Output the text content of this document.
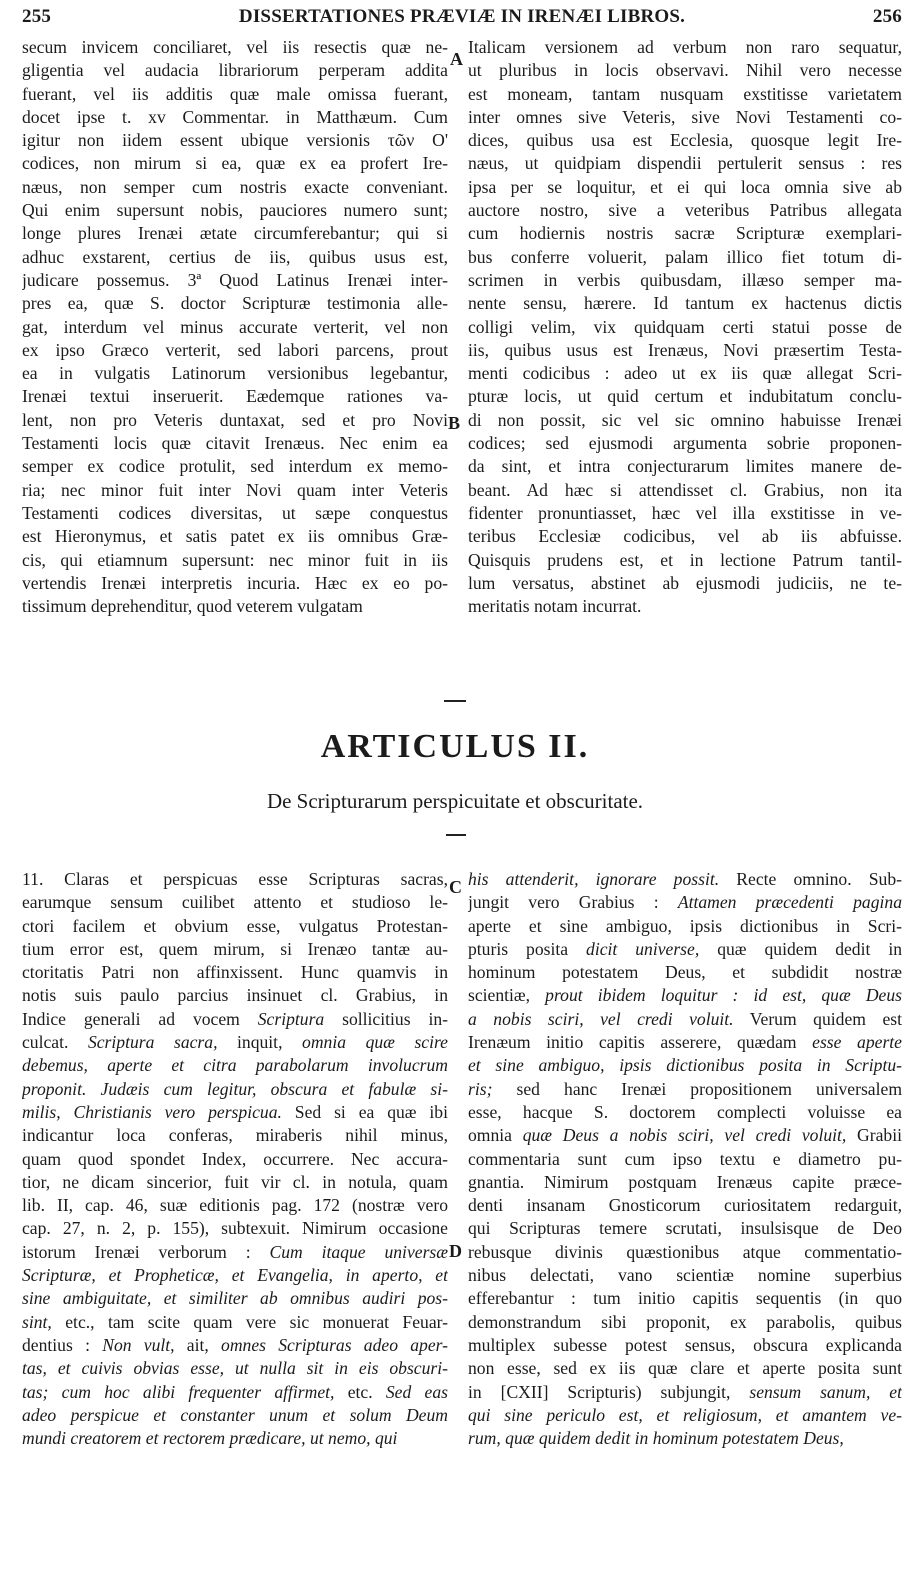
255	DISSERTATIONES PRÆVIÆ IN IRENÆI LIBROS.	256
secum invicem conciliaret, vel iis resectis quæ ne-
gligentia vel audacia librariorum perperam addita
fuerant, vel iis additis quæ male omissa fuerant,
docet ipse t. xv Commentar. in Matthæum. Cum
igitur non iidem essent ubique versionis τῶν O'
codices, non mirum si ea, quæ ex ea profert Ire-
næus, non semper cum nostris exacte conveniant.
Qui enim supersunt nobis, pauciores numero sunt;
longe plures Irenæi ætate circumferebantur; qui si
adhuc exstarent, certius de iis, quibus usus est,
judicare possemus. 3ª Quod Latinus Irenæi inter-
pres ea, quæ S. doctor Scripturæ testimonia alle-
gat, interdum vel minus accurate verterit, vel non
ex ipso Græco verterit, sed labori parcens, prout
ea in vulgatis Latinorum versionibus legebantur,
Irenæi textui inseruerit. Eædemque rationes va-
lent, non pro Veteris duntaxat, sed et pro Novi
Testamenti locis quæ citavit Irenæus. Nec enim ea
semper ex codice protulit, sed interdum ex memo-
ria; nec minor fuit inter Novi quam inter Veteris
Testamenti codices diversitas, ut sæpe conquestus
est Hieronymus, et satis patet ex iis omnibus Græ-
cis, qui etiamnum supersunt: nec minor fuit in iis
vertendis Irenæi interpretis incuria. Hæc ex eo po-
tissimum deprehenditur, quod veterem vulgatam
Italicam versionem ad verbum non raro sequatur,
ut pluribus in locis observavi. Nihil vero necesse
est moneam, tantam nusquam exstitisse varietatem
inter omnes sive Veteris, sive Novi Testamenti co-
dices, quibus usa est Ecclesia, quosque legit Ire-
næus, ut quidpiam dispendii pertulerit sensus : res
ipsa per se loquitur, et ei qui loca omnia sive ab
auctore nostro, sive a veteribus Patribus allegata
cum hodiernis nostris sacræ Scripturæ exemplari-
bus conferre voluerit, palam illico fiet totum di-
scrimen in verbis quibusdam, illæso semper ma-
nente sensu, hærere. Id tantum ex hactenus dictis
colligi velim, vix quidquam certi statui posse de
iis, quibus usus est Irenæus, Novi præsertim Testa-
menti codicibus : adeo ut ex iis quæ allegat Scri-
pturæ locis, ut quid certum et indubitatum conclu-
di non possit, sic vel sic omnino habuisse Irenæi
codices; sed ejusmodi argumenta sobrie proponen-
da sint, et intra conjecturarum limites manere de-
beant. Ad hæc si attendisset cl. Grabius, non ita
fidenter pronuntiasset, hæc vel illa exstitisse in ve-
teribus Ecclesiæ codicibus, vel ab iis abfuisse.
Quisquis prudens est, et in lectione Patrum tantil-
lum versatus, abstinet ab ejusmodi judiciis, ne te-
meritatis notam incurrat.
A
B
ARTICULUS II.
De Scripturarum perspicuitate et obscuritate.
11. Claras et perspicuas esse Scripturas sacras,
earumque sensum cuilibet attento et studioso le-
ctori facilem et obvium esse, vulgatus Protestan-
tium error est, quem mirum, si Irenæo tantæ au-
ctoritatis Patri non affinxissent. Hunc quamvis in
notis suis paulo parcius insinuet cl. Grabius, in
Indice generali ad vocem Scriptura sollicitius in-
culcat. Scriptura sacra, inquit, omnia quæ scire
debemus, aperte et citra parabolarum involucrum
proponit. Judæis cum legitur, obscura et fabulæ si-
milis, Christianis vero perspicua. Sed si ea quæ ibi
indicantur loca conferas, miraberis nihil minus,
quam quod spondet Index, occurrere. Nec accura-
tior, ne dicam sincerior, fuit vir cl. in notula, quam
lib. II, cap. 46, suæ editionis pag. 172 (nostræ vero
cap. 27, n. 2, p. 155), subtexuit. Nimirum occasione
istorum Irenæi verborum : Cum itaque universæ
Scripturæ, et Propheticæ, et Evangelia, in aperto, et
sine ambiguitate, et similiter ab omnibus audiri pos-
sint, etc., tam scite quam vere sic monuerat Feuar-
dentius : Non vult, ait, omnes Scripturas adeo aper-
tas, et cuivis obvias esse, ut nulla sit in eis obscuri-
tas; cum hoc alibi frequenter affirmet, etc. Sed eas
adeo perspicue et constanter unum et solum Deum
mundi creatorem et rectorem prædicare, ut nemo, qui
his attenderit, ignorare possit. Recte omnino. Sub-
jungit vero Grabius : Attamen præcedenti pagina
aperte et sine ambiguo, ipsis dictionibus in Scri-
pturis posita dicit universe, quæ quidem dedit in
hominum potestatem Deus, et subdidit nostræ
scientiæ, prout ibidem loquitur : id est, quæ Deus
a nobis sciri, vel credi voluit. Verum quidem est
Irenæum initio capitis asserere, quædam esse aperte
et sine ambiguo, ipsis dictionibus posita in Scriptu-
ris; sed hanc Irenæi propositionem universalem
esse, hacque S. doctorem complecti voluisse ea
omnia quæ Deus a nobis sciri, vel credi voluit, Grabii
commentaria sunt cum ipso textu e diametro pu-
gnantia. Nimirum postquam Irenæus capite præce-
denti insanam Gnosticorum curiositatem redarguit,
qui Scripturas temere scrutati, insulsisque de Deo
rebusque divinis quæstionibus atque commentatio-
nibus delectati, vano scientiæ nomine superbius
efferebantur : tum initio capitis sequentis (in quo
demonstrandum sibi proponit, ex parabolis, quibus
multiplex subesse potest sensus, obscura explicanda
non esse, sed ex iis quæ clare et aperte posita sunt
in [CXII] Scripturis) subjungit, sensum sanum, et
qui sine periculo est, et religiosum, et amantem ve-
rum, quæ quidem dedit in hominum potestatem Deus,
C
D
